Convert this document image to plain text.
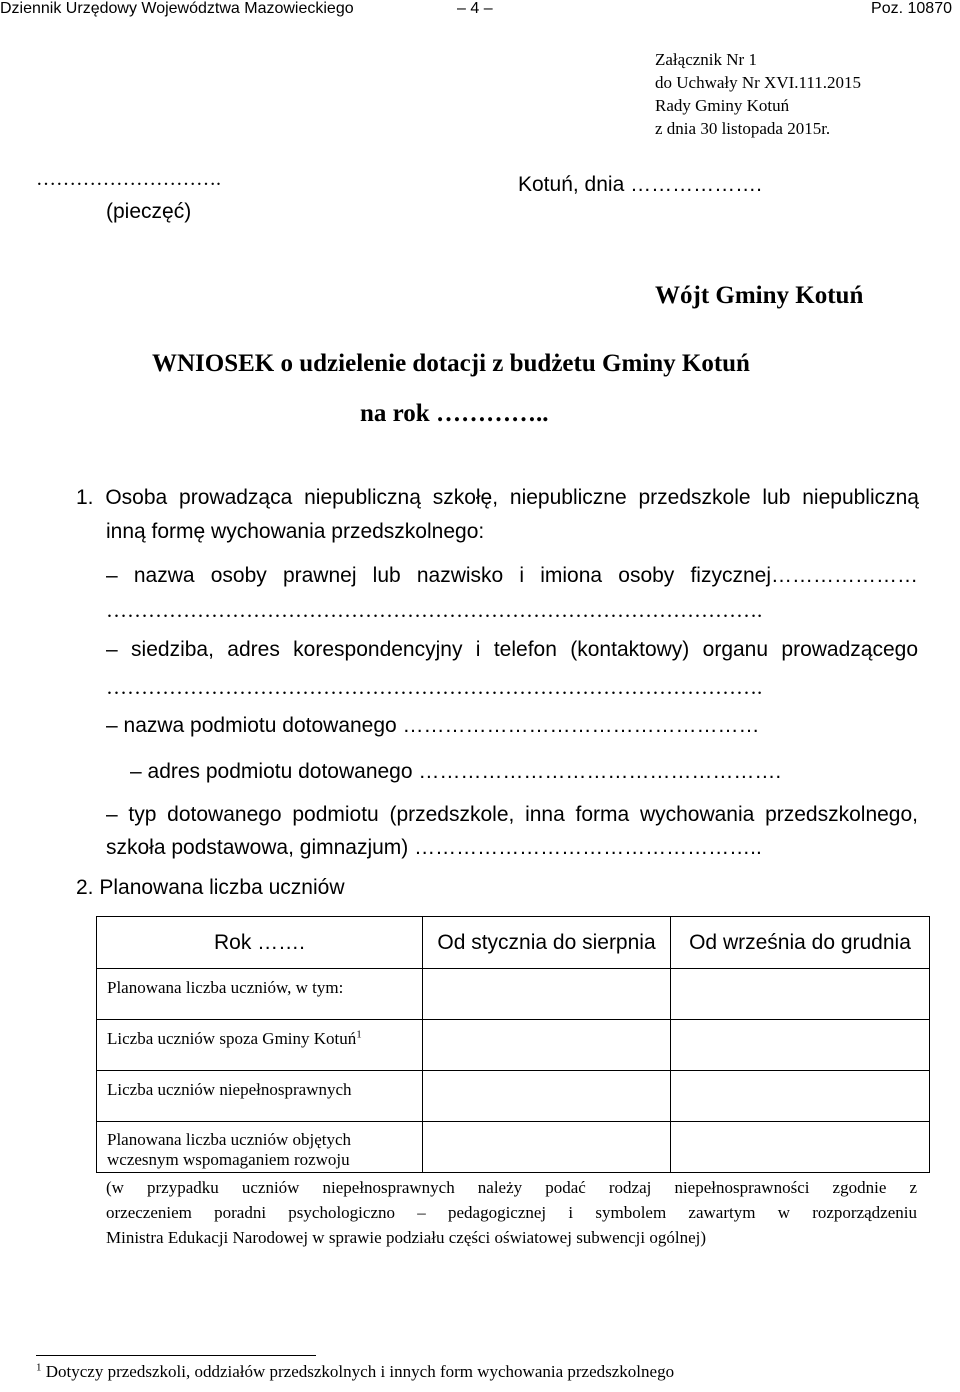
Dziennik Urzędowy Województwa Mazowieckiego	– 4 –	Poz. 10870
Załącznik Nr 1
do Uchwały Nr XVI.111.2015
Rady Gminy Kotuń
z dnia 30 listopada 2015r.
……………………….
(pieczęć)
Kotuń, dnia ……………….
Wójt Gminy Kotuń
WNIOSEK o udzielenie dotacji z budżetu Gminy Kotuń
na rok …………..
1. Osoba prowadząca niepubliczną szkołę, niepubliczne przedszkole lub niepubliczną
inną formę wychowania przedszkolnego:
– nazwa osoby prawnej lub nazwisko i imiona osoby fizycznej…………………
………………………………………………………………………………….
– siedziba, adres korespondencyjny i telefon (kontaktowy) organu prowadzącego
………………………………………………………………………………….
– nazwa podmiotu dotowanego ……………………………………………
– adres podmiotu dotowanego …………………………………………….
– typ dotowanego podmiotu (przedszkole, inna forma wychowania przedszkolnego,
szkoła podstawowa, gimnazjum) …………………………………………..
2. Planowana liczba uczniów
Rok …….	Od stycznia do sierpnia	Od września do grudnia
Planowana liczba uczniów, w tym:		
Liczba uczniów spoza Gminy Kotuń$^1$		
Liczba uczniów niepełnosprawnych		

Planowana liczba uczniów objętych
wczesnym wspomaganiem rozwoju		

(w przypadku uczniów niepełnosprawnych należy podać rodzaj niepełnosprawności zgodnie z
orzeczeniem poradni psychologiczno – pedagogicznej i symbolem zawartym w rozporządzeniu
Ministra Edukacji Narodowej w sprawie podziału części oświatowej subwencji ogólnej)
$^1$ Dotyczy przedszkoli, oddziałów przedszkolnych i innych form wychowania przedszkolnego
